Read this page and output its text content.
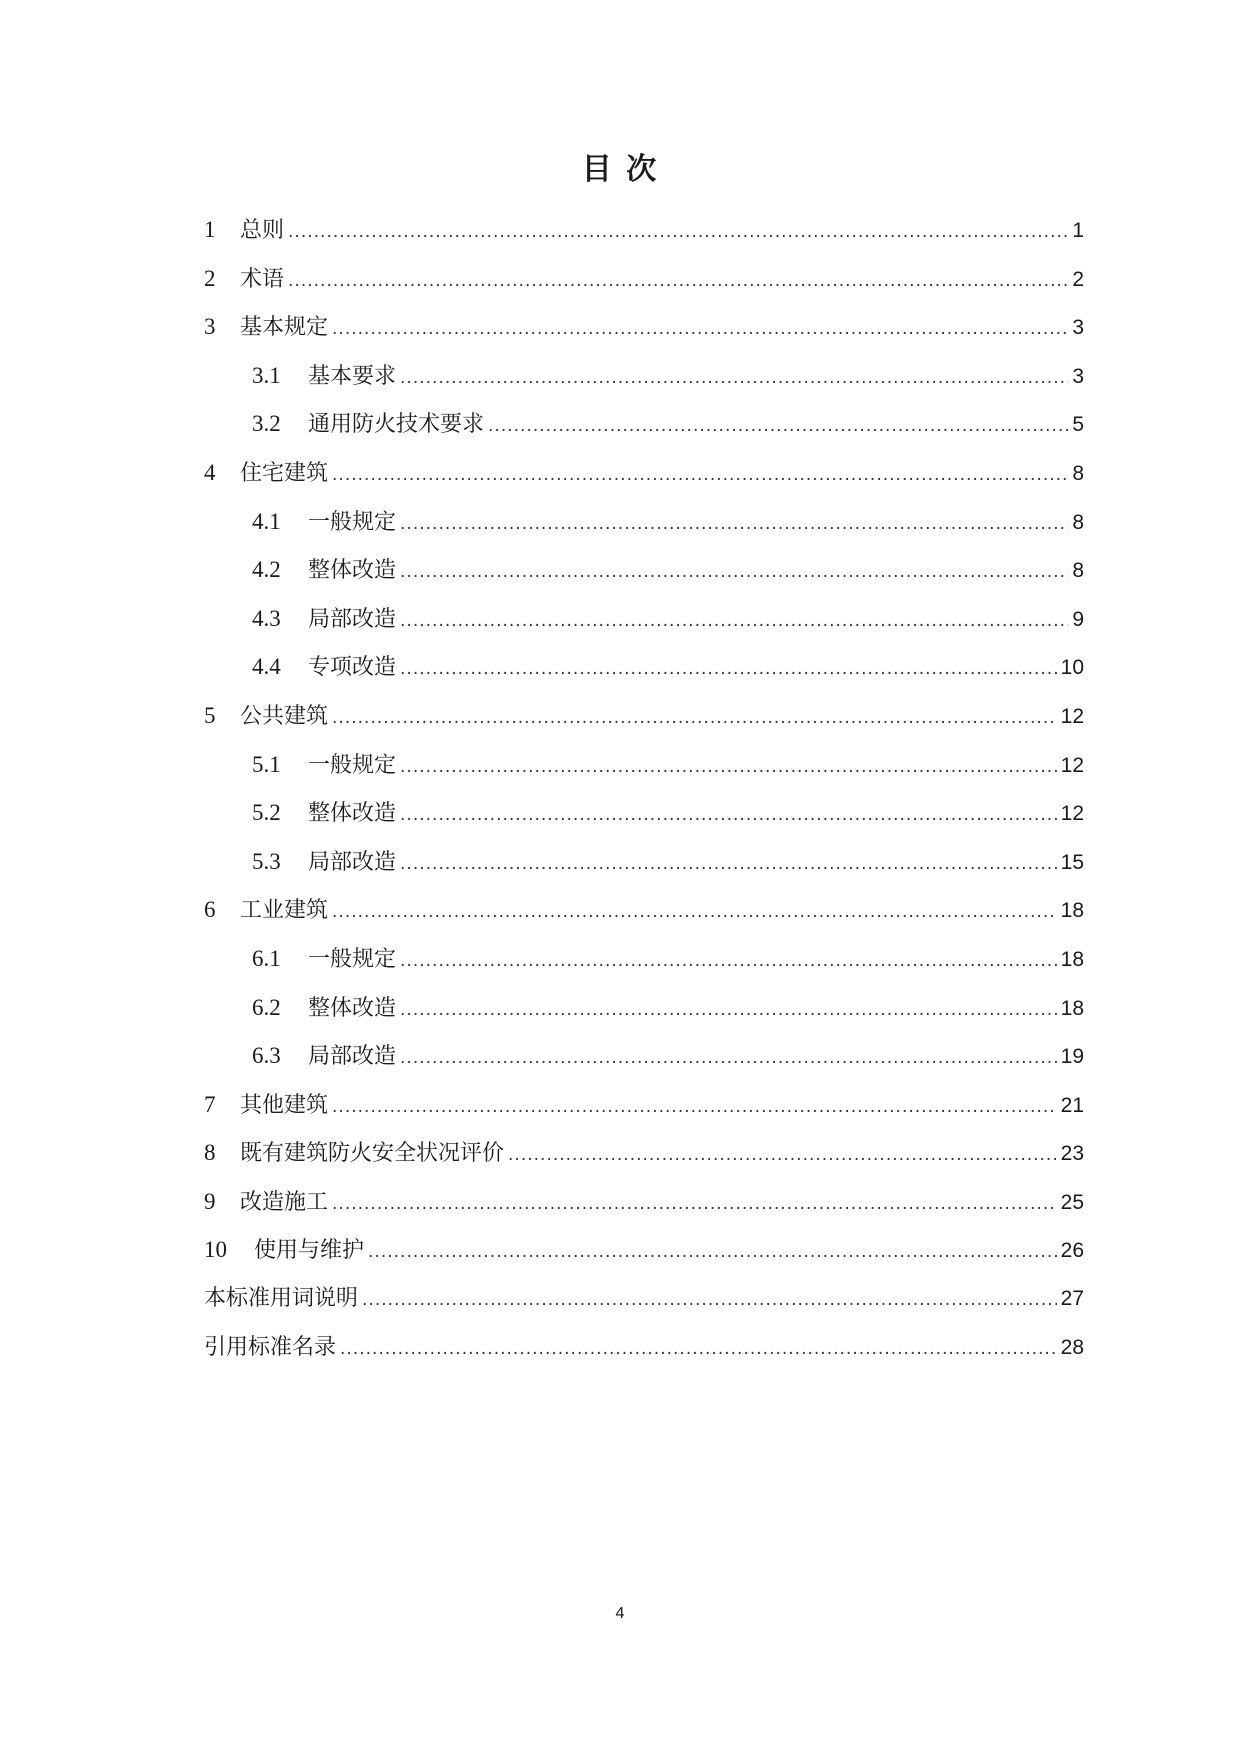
目 次
1	总则 .....	1
2	术语 .....	2
3	基本规定 .....	3
3.1	基本要求 .....	3
3.2	通用防火技术要求 .....	5
4	住宅建筑 .....	8
4.1	一般规定 .....	8
4.2	整体改造 .....	8
4.3	局部改造 .....	9
4.4	专项改造 .....	10
5	公共建筑 .....	12
5.1	一般规定 .....	12
5.2	整体改造 .....	12
5.3	局部改造 .....	15
6	工业建筑 .....	18
6.1	一般规定 .....	18
6.2	整体改造 .....	18
6.3	局部改造 .....	19
7	其他建筑 .....	21
8	既有建筑防火安全状况评价 .....	23
9	改造施工 .....	25
10	使用与维护 .....	26
本标准用词说明 .....	27
引用标准名录 .....	28
4
